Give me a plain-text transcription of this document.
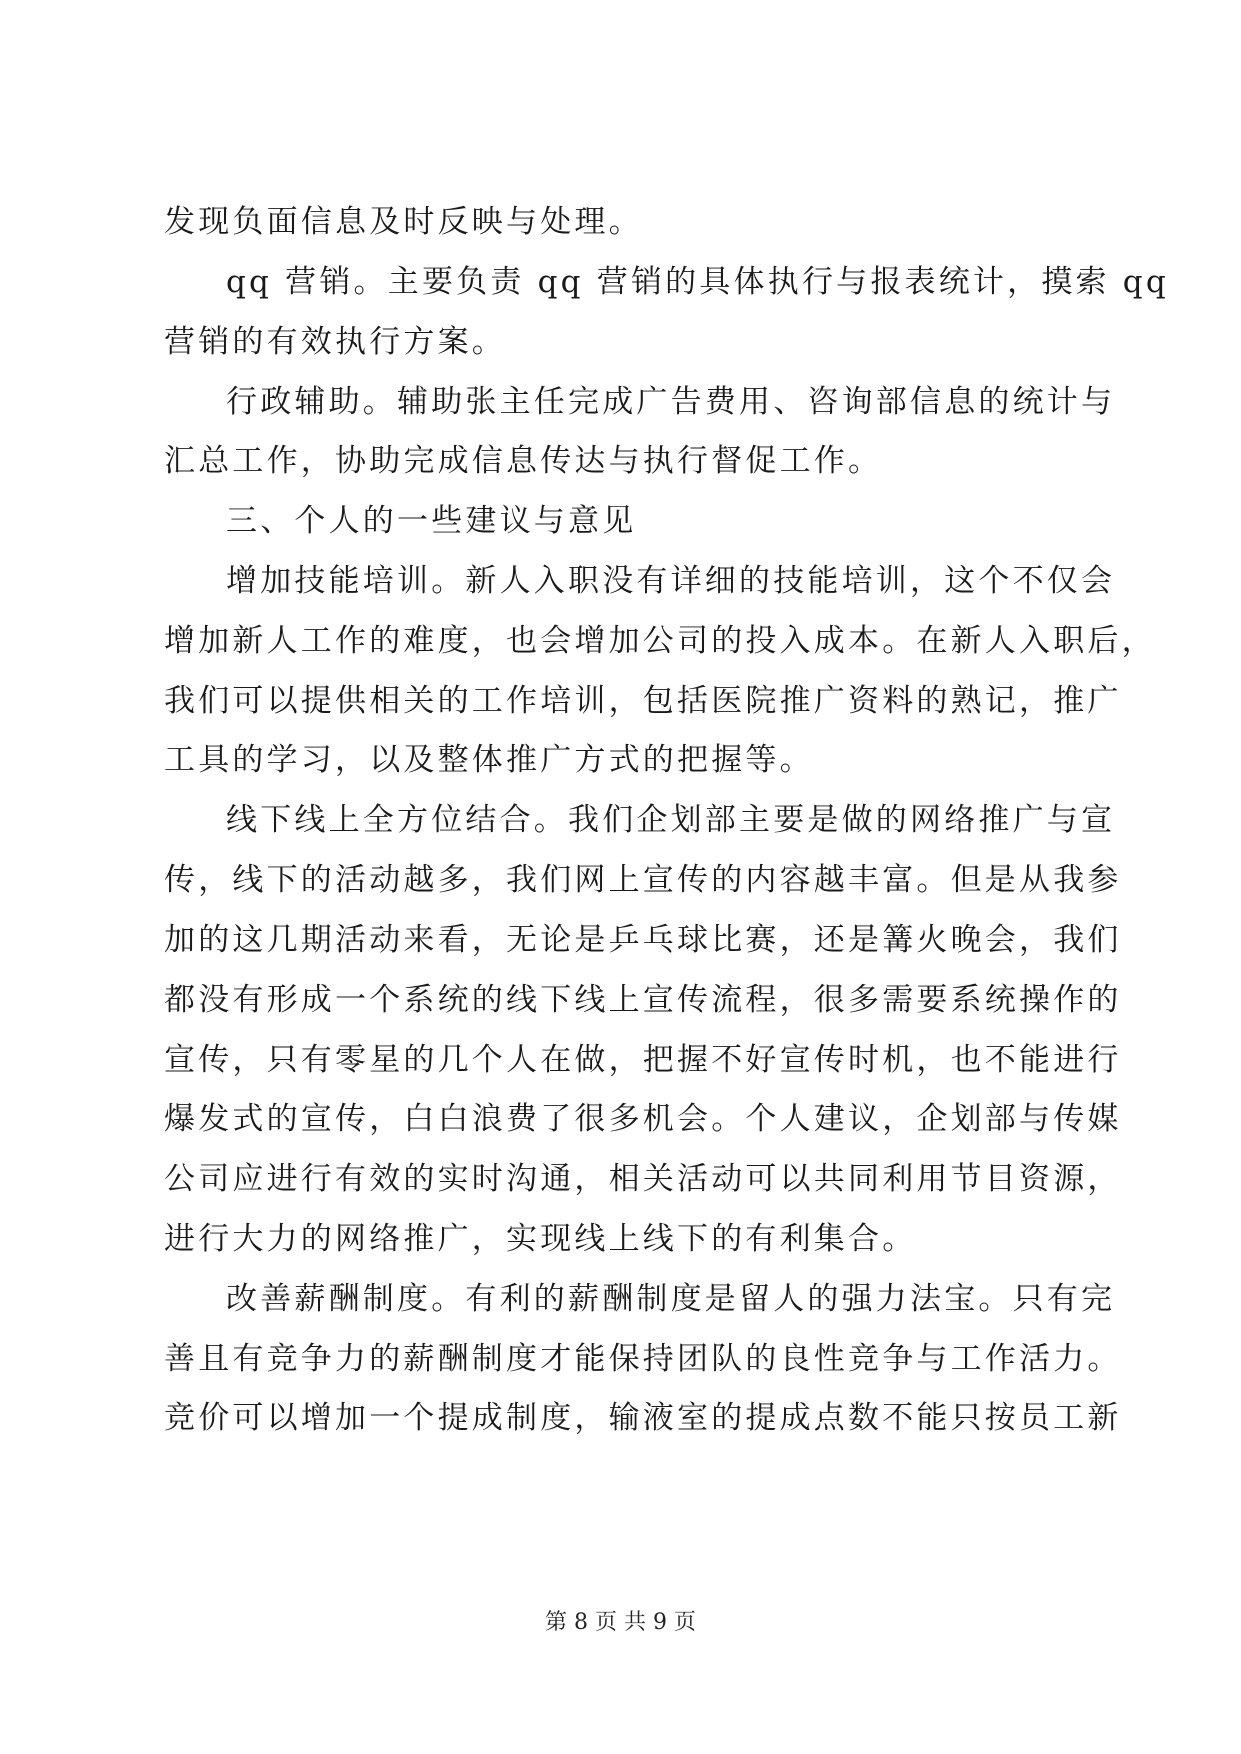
发现负面信息及时反映与处理。
qq 营销。主要负责 qq 营销的具体执行与报表统计，摸索 qq
营销的有效执行方案。
行政辅助。辅助张主任完成广告费用、咨询部信息的统计与
汇总工作，协助完成信息传达与执行督促工作。
三、个人的一些建议与意见
增加技能培训。新人入职没有详细的技能培训，这个不仅会
增加新人工作的难度，也会增加公司的投入成本。在新人入职后，
我们可以提供相关的工作培训，包括医院推广资料的熟记，推广
工具的学习，以及整体推广方式的把握等。
线下线上全方位结合。我们企划部主要是做的网络推广与宣
传，线下的活动越多，我们网上宣传的内容越丰富。但是从我参
加的这几期活动来看，无论是乒乓球比赛，还是篝火晚会，我们
都没有形成一个系统的线下线上宣传流程，很多需要系统操作的
宣传，只有零星的几个人在做，把握不好宣传时机，也不能进行
爆发式的宣传，白白浪费了很多机会。个人建议，企划部与传媒
公司应进行有效的实时沟通，相关活动可以共同利用节目资源，
进行大力的网络推广，实现线上线下的有利集合。
改善薪酬制度。有利的薪酬制度是留人的强力法宝。只有完
善且有竞争力的薪酬制度才能保持团队的良性竞争与工作活力。
竞价可以增加一个提成制度，输液室的提成点数不能只按员工新
第 8 页 共 9 页
